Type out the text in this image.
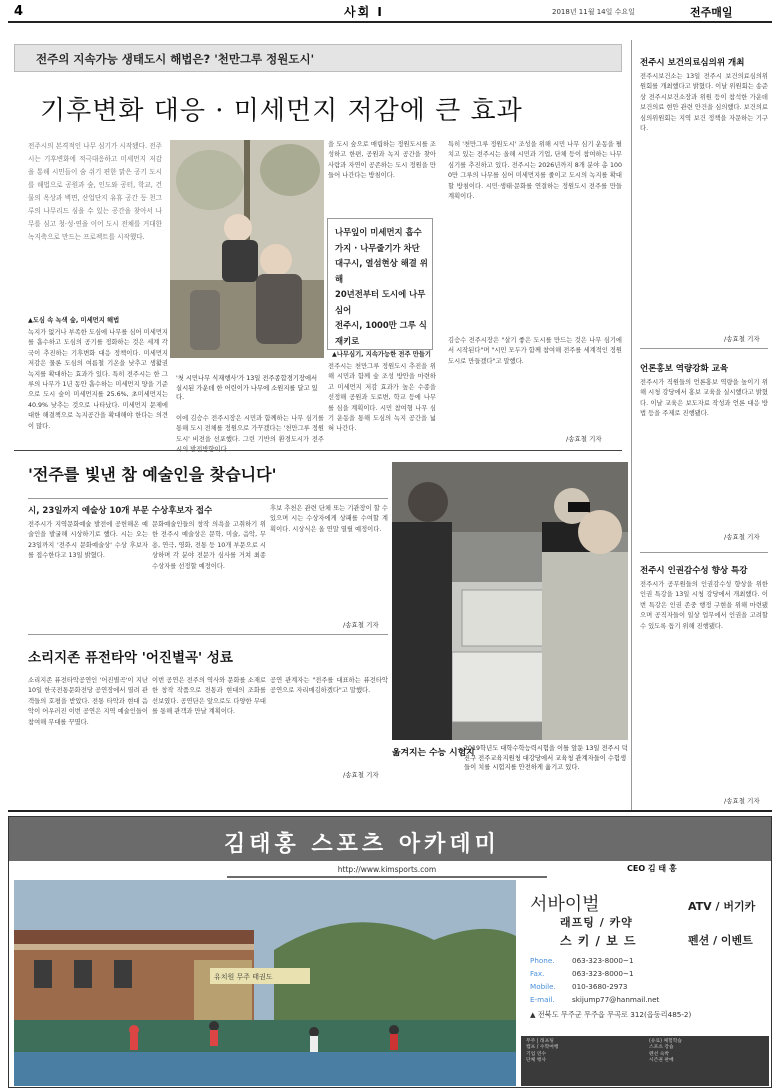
4	사회 Ⅰ	2018년 11월 14일 수요일	전주매일
전주의 지속가능 생태도시 해법은? '천만그루 정원도시'
기후변화 대응 · 미세먼지 저감에 큰 효과
전주시의 본격적인 나무 심기가 시작됐다. 전주시는 기후변화에 적극대응하고 미세먼지 저감을 통해 시민들이 숨 쉬기 편한 맑은 공기 도시를 해법으로 공원과 숲, 인도와 공터, 학교, 건물의 옥상과 벽면, 산업단지 유휴 공간 등 천그루의 나무리드 심을 수 있는 공간을 찾아서 나무를 심고 청·성·연을 이어 도시 전체를 거대한 녹지축으로 만드는 프로젝트를 시작했다.
'첫 시민나무 식재행사'가 13일 전주종합경기장에서 실시된 가운데 한 어린이가 나무에 소원지를 달고 있다.
▲도심 속 녹색 숲, 미세먼지 해법
녹지가 없거나 부족한 도심에 나무를 심어 미세먼지를 흡수하고 도심의 공기를 정화하는 것은 세계 각국이 추진하는 기후변화 대응 정책이다. 미세먼지 저감은 물론 도심의 여름철 기온을 낮추고 생활권 녹지를 확대하는 효과가 있다. 특히 전주시는 한 그루의 나무가 1년 동안 흡수하는 미세먼지 양을 기준으로 도시 숲이 미세먼지를 25.6%, 초미세먼지는 40.9% 낮추는 것으로 나타났다. 미세먼지 문제에 대한 해결책으로 녹지공간을 확대해야 한다는 의견이 많다.
이에 김승수 전주시장은 시민과 함께하는 나무 심기를 통해 도시 전체를 정원으로 가꾸겠다는 '천만그루 정원도시' 비전을 선포했다. 그린 기반의 환경도시가 전주
을 도시 숲으로 매립하는 정원도시를 조성하고 한편, 공원과 녹지 공간을 찾아 사람과 자연이 공존하는 도시 정원을 만들어 나간다는 방침이다.
나무잎이 미세먼지 흡수
가지 · 나무줄기가 차단
대구시, 열섬현상 해결 위해
20년전부터 도시에 나무 심어
전주시, 1000만 그루 식재키로
▲나무심기, 지속가능한 전주 만들기
전주시는 천만그루 정원도시 추진을 위해 시민과 함께 숲 조성 방안을 마련하고 미세먼지 저감 효과가 높은 수종을 선정해 공원과 도로변, 학교 등에 나무를 심을 계획이다. 시민 참여형 나무 심기 운동을 통해 도심의 녹지 공간을 넓혀 나간다.
특히 '천만그루 정원도시' 조성을 위해 시민 나무 심기 운동을 펼치고 있는 전주시는 올해 시민과 기업, 단체 등이 참여하는 나무 심기를 추진하고 있다. 전주시는 2026년까지 8개 분야 총 1000만 그루의 나무를 심어 미세먼지를 줄이고 도시의 녹지를 확대할 방침이다. 시민·생태·문화를 연결하는 정원도시 전주를 만들 계획이다.
김승수 전주시장은 "살기 좋은 도시를 만드는 것은 나무 심기에서 시작된다"며 "시민 모두가 함께 참여해 전주를 세계적인 정원도시로 만들겠다"고 말했다.
/송효철 기자
'전주를 빛낸 참 예술인을 찾습니다'
시, 23일까지 예술상 10개 부문 수상후보자 접수
전주시가 지역문화예술 발전에 공헌해온 예술인을 발굴해 시상하기로 했다. 시는 오는 23일까지 '전주시 문화예술상' 수상 후보자를 접수한다고 13일 밝혔다.
문화예술인들의 창작 의욕을 고취하기 위한 전주시 예술상은 문학, 미술, 음악, 무용, 연극, 영화, 전통 등 10개 부문으로 시상하며 각 분야 전문가 심사를 거쳐 최종 수상자를 선정할 예정이다.
후보 추천은 관련 단체 또는 기관장이 할 수 있으며 시는 수상자에게 상패를 수여할 계획이다. 시상식은 올 연말 열릴 예정이다.
/송효철 기자
소리지존 퓨전타악 '어진별곡' 성료
소리지존 퓨전타악공연인 '어진별곡'이 지난 10일 한국전통문화전당 공연장에서 열려 관객들의 호평을 받았다. 전통 타악과 현대 음악이 어우러진 이번 공연은 지역 예술인들이 참여해 무대를 꾸몄다.
이번 공연은 전주의 역사와 문화를 소재로 한 창작 작품으로 전통과 현대의 조화를 선보였다. 공연단은 앞으로도 다양한 무대를 통해 관객과 만날 계획이다.
공연 관계자는 "전주를 대표하는 퓨전타악 공연으로 자리매김하겠다"고 말했다.
/송효철 기자
옮겨지는 수능 시험지
2019학년도 대학수학능력시험을 이틀 앞둔 13일 전주시 덕진구 전주교육지원청 대강당에서 교육청 관계자들이 수험생들이 치를 시험지를 안전하게 옮기고 있다.
전주시 보건의료심의위 개최
전주시보건소는 13일 전주시 보건의료심의위원회를 개최했다고 밝혔다. 이날 위원회는 송준상 전주시보건소장과 위원 등이 참석한 가운데 보건의료 현안 관련 안건을 심의했다. 보건의료심의위원회는 지역 보건 정책을 자문하는 기구다.
/송효철 기자
언론홍보 역량강화 교육
전주시가 직원들의 언론홍보 역량을 높이기 위해 시청 강당에서 홍보 교육을 실시했다고 밝혔다. 이날 교육은 보도자료 작성과 언론 대응 방법 등을 주제로 진행됐다.
/송효철 기자
전주시 인권감수성 향상 특강
전주시가 공무원들의 인권감수성 향상을 위한 인권 특강을 13일 시청 강당에서 개최했다. 이번 특강은 인권 존중 행정 구현을 위해 마련됐으며 공직자들이 일상 업무에서 인권을 고려할 수 있도록 돕기 위해 진행됐다.
/송효철 기자
김태홍 스포츠 아카데미
http://www.kimsports.com	CEO 김 태 홍
유치원 무주 태권도
서바이벌
래프팅 / 카약
스 키 / 보 드
ATV / 버기카
펜션 / 이벤트
Phone. 063-323-8000~1
Fax.	063-323-8000~1
Mobile. 010-3680-2973
E-mail. skijump77@hanmail.net
▲ 전북도 무주군 무주읍 무곡로 312(읍동리485-2)
무주 | 래프팅	(유료) 체험학습
캠프 / 수학여행	스포츠 강습
기업 연수	펜션 숙박
단체 행사	시즌권 판매
